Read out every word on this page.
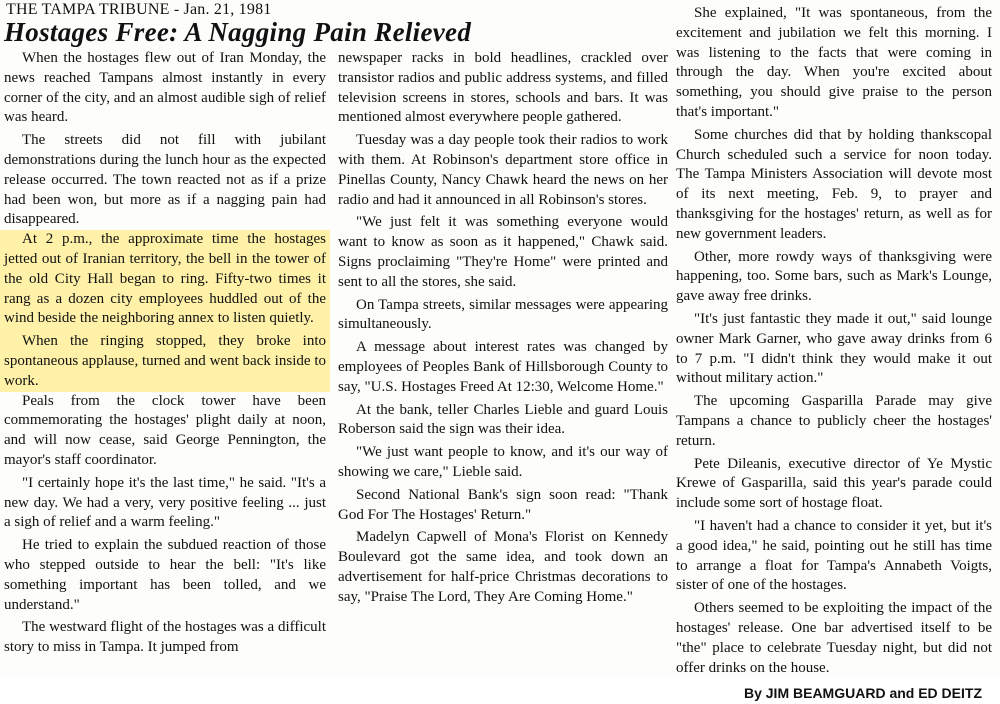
THE TAMPA TRIBUNE - Jan. 21, 1981
Hostages Free: A Nagging Pain Relieved

When the hostages flew out of Iran Monday, the news reached Tampans almost instantly in every corner of the city, and an almost audible sigh of relief was heard.

The streets did not fill with jubilant demonstrations during the lunch hour as the expected release occurred. The town reacted not as if a prize had been won, but more as if a nagging pain had disappeared.

At 2 p.m., the approximate time the hostages jetted out of Iranian territory, the bell in the tower of the old City Hall began to ring. Fifty-two times it rang as a dozen city employees huddled out of the wind beside the neighboring annex to listen quietly.

When the ringing stopped, they broke into spontaneous applause, turned and went back inside to work.

Peals from the clock tower have been commemorating the hostages' plight daily at noon, and will now cease, said George Pennington, the mayor's staff coordinator.

"I certainly hope it's the last time," he said. "It's a new day. We had a very, very positive feeling ... just a sigh of relief and a warm feeling."

He tried to explain the subdued reaction of those who stepped outside to hear the bell: "It's like something important has been tolled, and we understand."

The westward flight of the hostages was a difficult story to miss in Tampa. It jumped from

newspaper racks in bold headlines, crackled over transistor radios and public address systems, and filled television screens in stores, schools and bars. It was mentioned almost everywhere people gathered.

Tuesday was a day people took their radios to work with them. At Robinson's department store office in Pinellas County, Nancy Chawk heard the news on her radio and had it announced in all Robinson's stores.

"We just felt it was something everyone would want to know as soon as it happened," Chawk said. Signs proclaiming "They're Home" were printed and sent to all the stores, she said.

On Tampa streets, similar messages were appearing simultaneously.

A message about interest rates was changed by employees of Peoples Bank of Hillsborough County to say, "U.S. Hostages Freed At 12:30, Welcome Home."

At the bank, teller Charles Lieble and guard Louis Roberson said the sign was their idea.

"We just want people to know, and it's our way of showing we care," Lieble said.

Second National Bank's sign soon read: "Thank God For The Hostages' Return."

Madelyn Capwell of Mona's Florist on Kennedy Boulevard got the same idea, and took down an advertisement for half-price Christmas decorations to say, "Praise The Lord, They Are Coming Home."

She explained, "It was spontaneous, from the excitement and jubilation we felt this morning. I was listening to the facts that were coming in through the day. When you're excited about something, you should give praise to the person that's important."

Some churches did that by holding thankscopal Church scheduled such a service for noon today. The Tampa Ministers Association will devote most of its next meeting, Feb. 9, to prayer and thanksgiving for the hostages' return, as well as for new government leaders.

Other, more rowdy ways of thanksgiving were happening, too. Some bars, such as Mark's Lounge, gave away free drinks.

"It's just fantastic they made it out," said lounge owner Mark Garner, who gave away drinks from 6 to 7 p.m. "I didn't think they would make it out without military action."

The upcoming Gasparilla Parade may give Tampans a chance to publicly cheer the hostages' return.

Pete Dileanis, executive director of Ye Mystic Krewe of Gasparilla, said this year's parade could include some sort of hostage float.

"I haven't had a chance to consider it yet, but it's a good idea," he said, pointing out he still has time to arrange a float for Tampa's Annabeth Voigts, sister of one of the hostages.

Others seemed to be exploiting the impact of the hostages' release. One bar advertised itself to be "the" place to celebrate Tuesday night, but did not offer drinks on the house.

By JIM BEAMGUARD and ED DEITZ
